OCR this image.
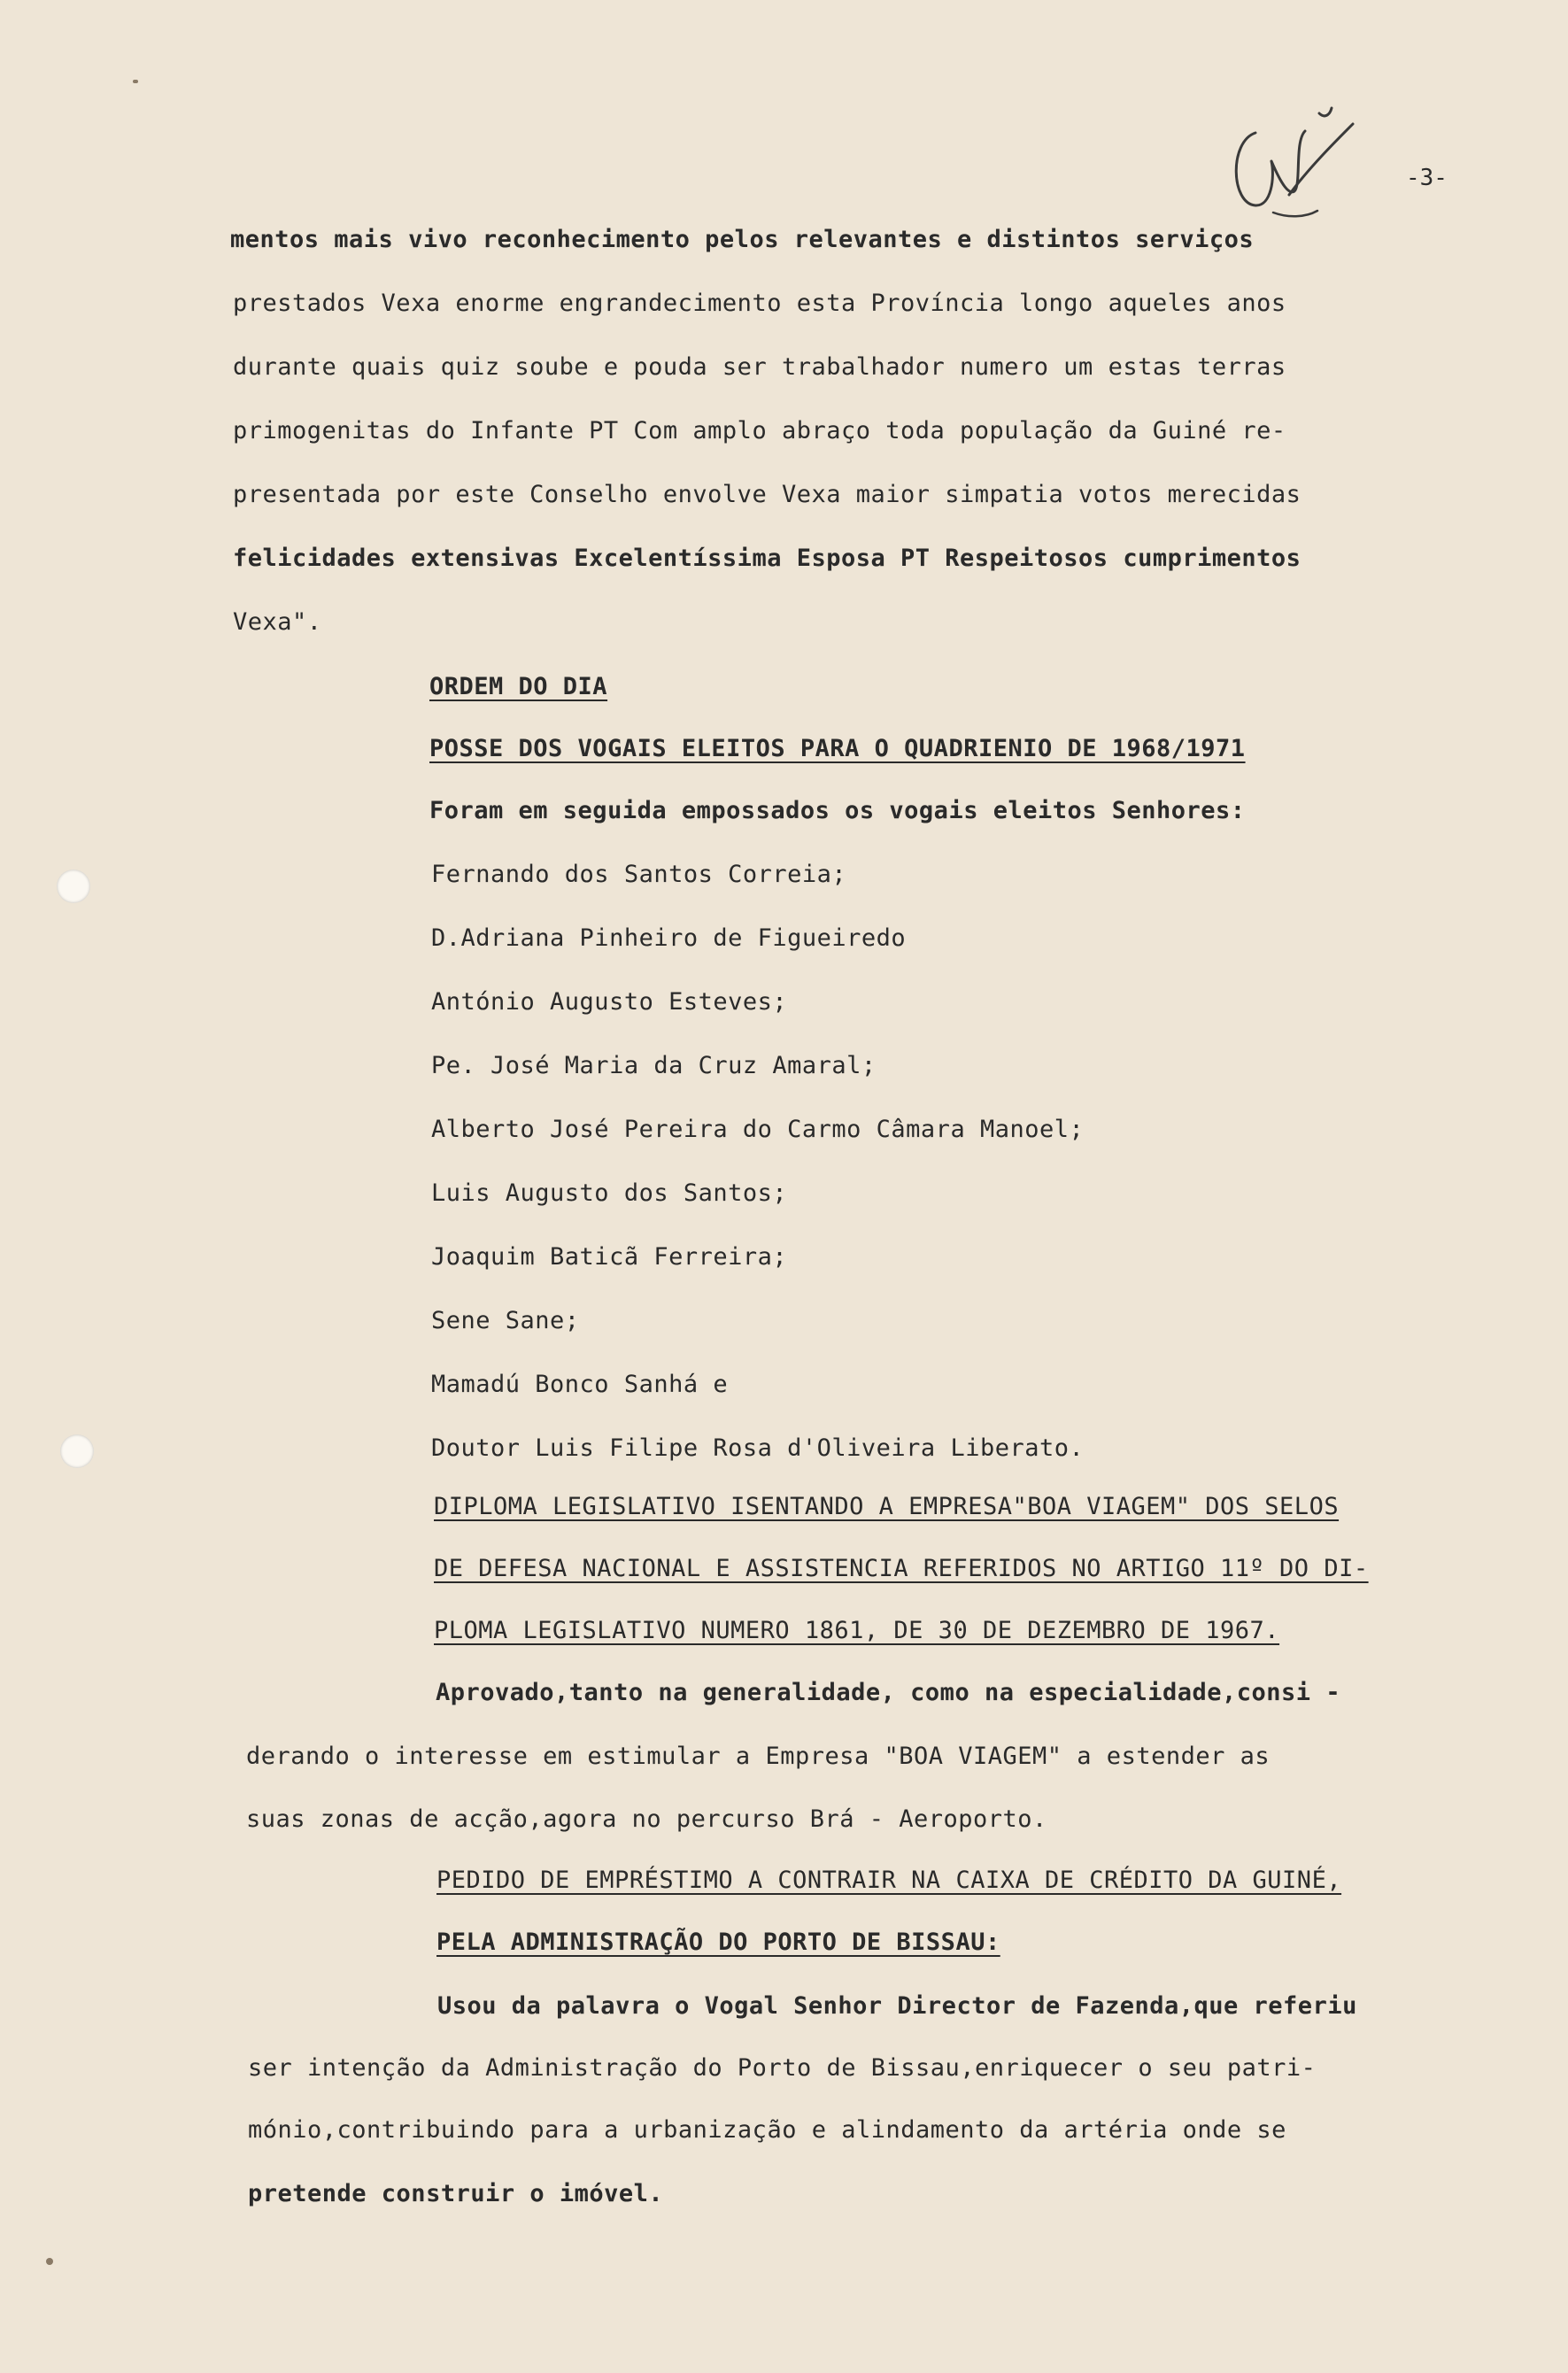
-3-
mentos mais vivo reconhecimento pelos relevantes e distintos serviços
prestados Vexa enorme engrandecimento esta Província longo aqueles anos
durante quais quiz soube e pouda ser trabalhador numero um estas terras
primogenitas do Infante PT Com amplo abraço toda população da Guiné re-
presentada por este Conselho envolve Vexa maior simpatia votos merecidas
felicidades extensivas Excelentíssima Esposa PT Respeitosos cumprimentos
Vexa".
ORDEM DO DIA
POSSE DOS VOGAIS ELEITOS PARA O QUADRIENIO DE 1968/1971
Foram em seguida empossados os vogais eleitos Senhores:
Fernando dos Santos Correia;
D.Adriana Pinheiro de Figueiredo
António Augusto Esteves;
Pe. José Maria da Cruz Amaral;
Alberto José Pereira do Carmo Câmara Manoel;
Luis Augusto dos Santos;
Joaquim Baticã Ferreira;
Sene Sane;
Mamadú Bonco Sanhá e
Doutor Luis Filipe Rosa d'Oliveira Liberato.
DIPLOMA LEGISLATIVO ISENTANDO A EMPRESA"BOA VIAGEM" DOS SELOS
DE DEFESA NACIONAL E ASSISTENCIA REFERIDOS NO ARTIGO 11º DO DI-
PLOMA LEGISLATIVO NUMERO 1861, DE 30 DE DEZEMBRO DE 1967.
Aprovado,tanto na generalidade, como na especialidade,consi -
derando o interesse em estimular a Empresa "BOA VIAGEM" a estender as
suas zonas de acção,agora no percurso Brá - Aeroporto.
PEDIDO DE EMPRÉSTIMO A CONTRAIR NA CAIXA DE CRÉDITO DA GUINÉ,
PELA ADMINISTRAÇÃO DO PORTO DE BISSAU:
Usou da palavra o Vogal Senhor Director de Fazenda,que referiu
ser intenção da Administração do Porto de Bissau,enriquecer o seu patri-
mónio,contribuindo para a urbanização e alindamento da artéria onde se
pretende construir o imóvel.
